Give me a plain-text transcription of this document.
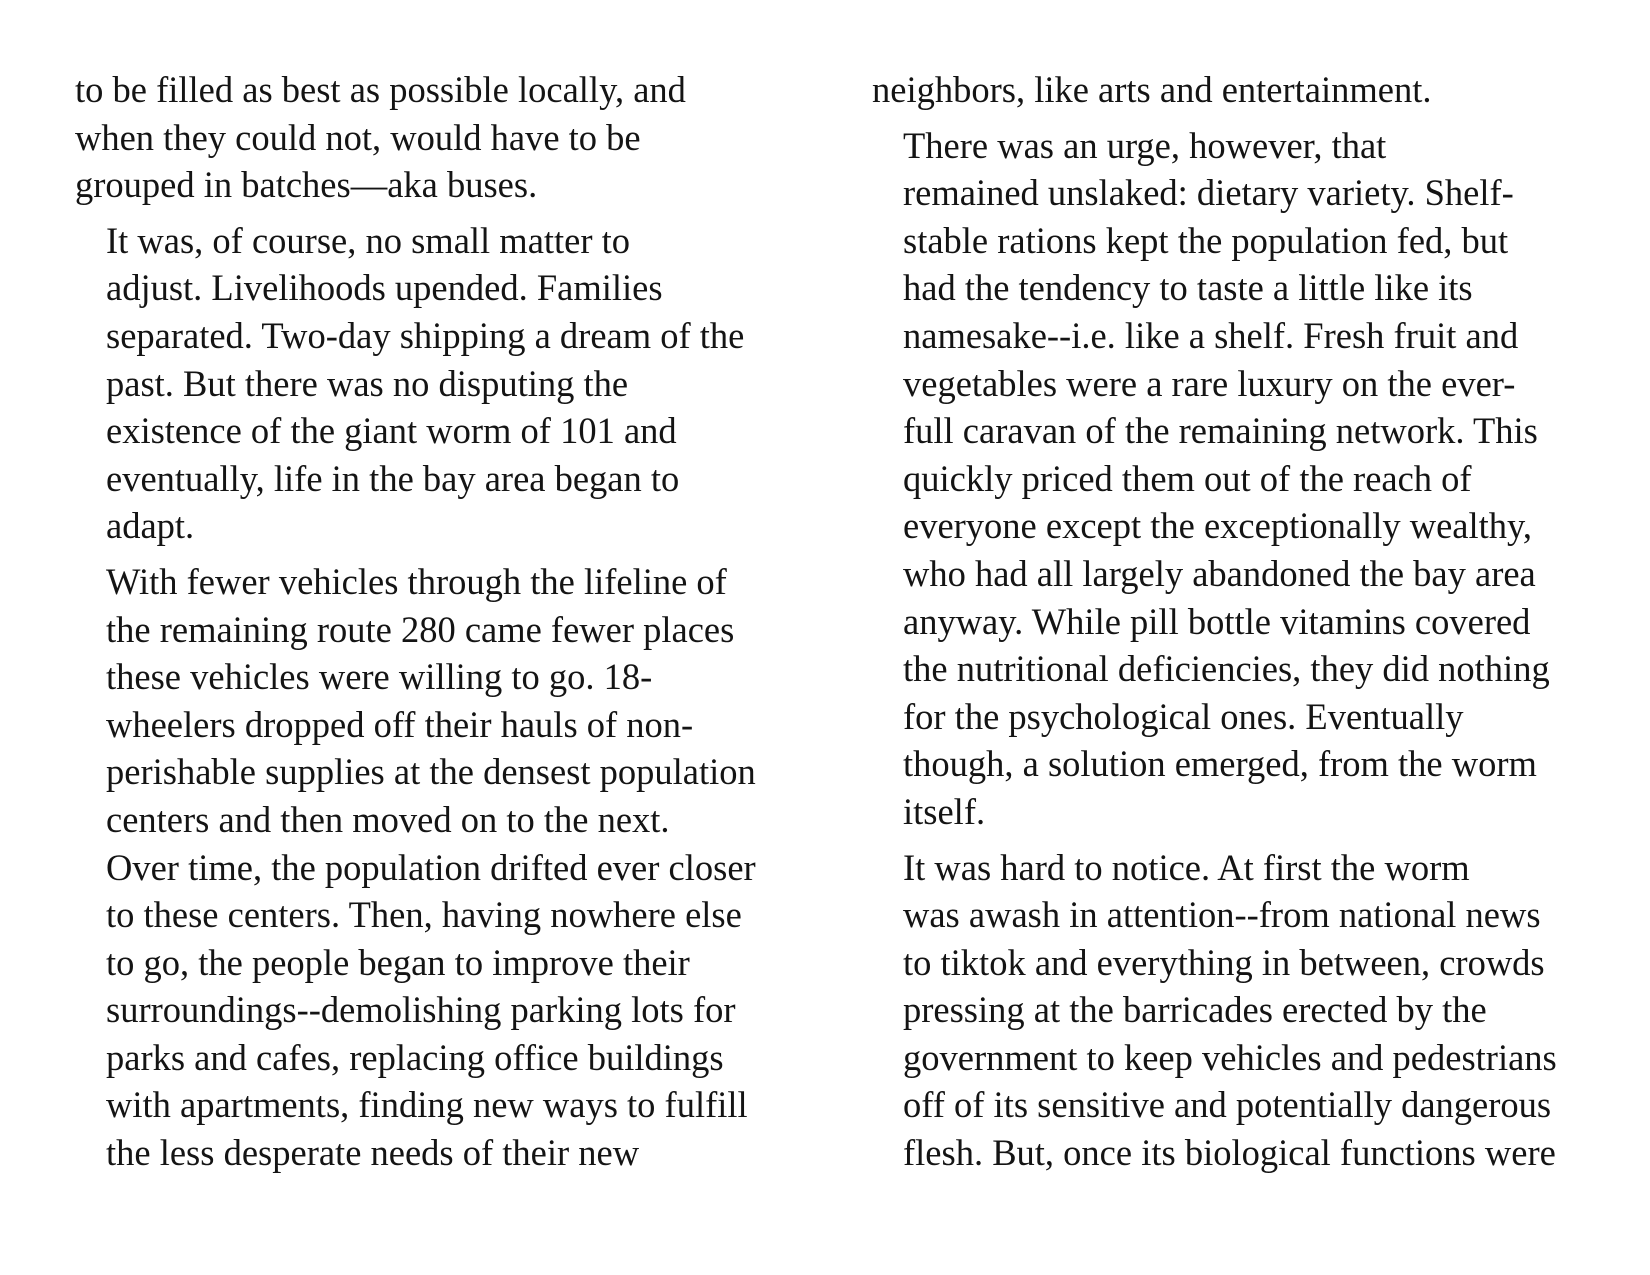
to be filled as best as possible locally, and
when they could not, would have to be
grouped in batches—aka buses.

It was, of course, no small matter to
adjust. Livelihoods upended. Families
separated. Two-day shipping a dream of the
past. But there was no disputing the
existence of the giant worm of 101 and
eventually, life in the bay area began to
adapt.

With fewer vehicles through the lifeline of
the remaining route 280 came fewer places
these vehicles were willing to go. 18-
wheelers dropped off their hauls of non-
perishable supplies at the densest population
centers and then moved on to the next.
Over time, the population drifted ever closer
to these centers. Then, having nowhere else
to go, the people began to improve their
surroundings--demolishing parking lots for
parks and cafes, replacing office buildings
with apartments, finding new ways to fulfill
the less desperate needs of their new

neighbors, like arts and entertainment.

There was an urge, however, that
remained unslaked: dietary variety. Shelf-
stable rations kept the population fed, but
had the tendency to taste a little like its
namesake--i.e. like a shelf. Fresh fruit and
vegetables were a rare luxury on the ever-
full caravan of the remaining network. This
quickly priced them out of the reach of
everyone except the exceptionally wealthy,
who had all largely abandoned the bay area
anyway. While pill bottle vitamins covered
the nutritional deficiencies, they did nothing
for the psychological ones. Eventually
though, a solution emerged, from the worm
itself.

It was hard to notice. At first the worm
was awash in attention--from national news
to tiktok and everything in between, crowds
pressing at the barricades erected by the
government to keep vehicles and pedestrians
off of its sensitive and potentially dangerous
flesh. But, once its biological functions were
